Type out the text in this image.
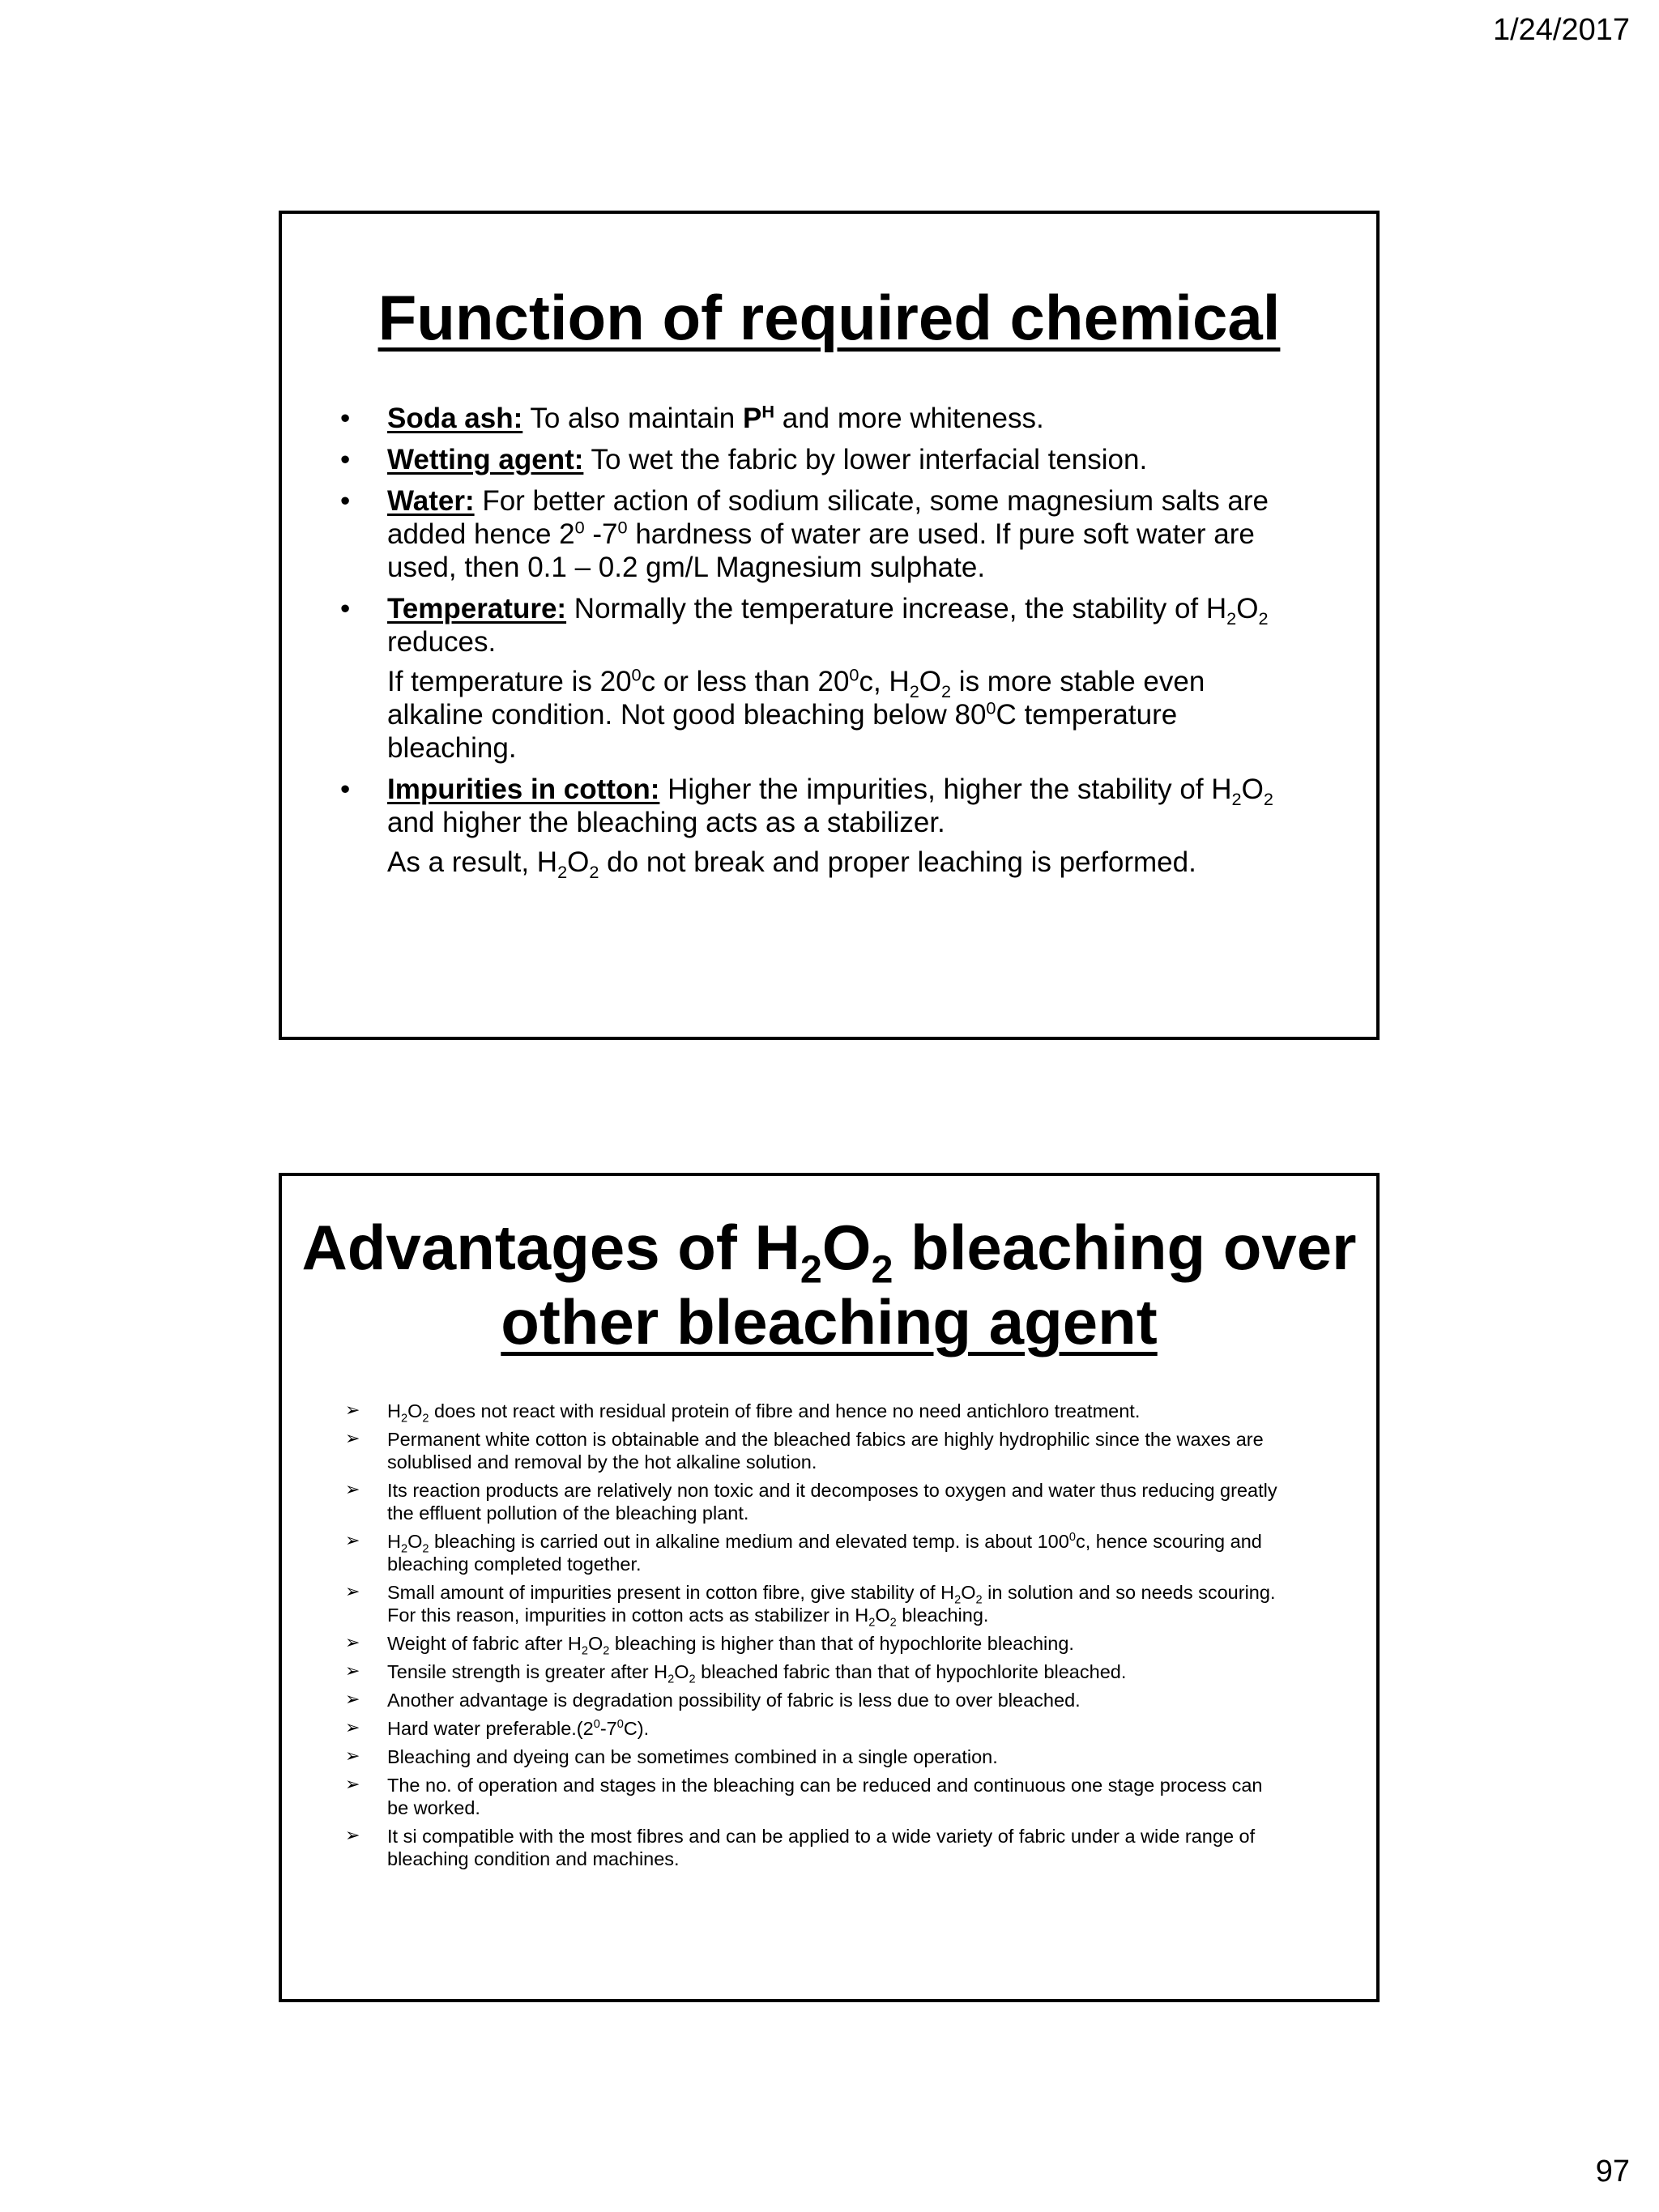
1/24/2017
Function of required chemical
• Soda ash: To also maintain $P^H$ and more whiteness.
• Wetting agent: To wet the fabric by lower interfacial tension.
• Water: For better action of sodium silicate, some magnesium salts are added hence $2^0$ $-7^0$ hardness of water are used. If pure soft water are used, then 0.1 – 0.2 gm/L Magnesium sulphate.
• Temperature: Normally the temperature increase, the stability of $H_2O_2$ reduces.
If temperature is $20^0c$ or less than $20^0c$, $H_2O_2$ is more stable even alkaline condition. Not good bleaching below $80^0C$ temperature bleaching.
• Impurities in cotton: Higher the impurities, higher the stability of $H_2O_2$ and higher the bleaching acts as a stabilizer.
As a result, $H_2O_2$ do not break and proper leaching is performed.
Advantages of $H_2O_2$ bleaching over
other bleaching agent
➢ $H_2O_2$ does not react with residual protein of fibre and hence no need antichloro treatment.
➢ Permanent white cotton is obtainable and the bleached fabics are highly hydrophilic since the waxes are solublised and removal by the hot alkaline solution.
➢ Its reaction products are relatively non toxic and it decomposes to oxygen and water thus reducing greatly the effluent pollution of the bleaching plant.
➢ $H_2O_2$ bleaching is carried out in alkaline medium and elevated temp. is about $100^0c$, hence scouring and bleaching completed together.
➢ Small amount of impurities present in cotton fibre, give stability of $H_2O_2$ in solution and so needs scouring. For this reason, impurities in cotton acts as stabilizer in $H_2O_2$ bleaching.
➢ Weight of fabric after $H_2O_2$ bleaching is higher than that of hypochlorite bleaching.
➢ Tensile strength is greater after $H_2O_2$ bleached fabric than that of hypochlorite bleached.
➢ Another advantage is degradation possibility of fabric is less due to over bleached.
➢ Hard water $preferable.(2^0-7^0C)$.
➢ Bleaching and dyeing can be sometimes combined in a single operation.
➢ The no. of operation and stages in the bleaching can be reduced and continuous one stage process can be worked.
➢ It si compatible with the most fibres and can be applied to a wide variety of fabric under a wide range of bleaching condition and machines.
97
